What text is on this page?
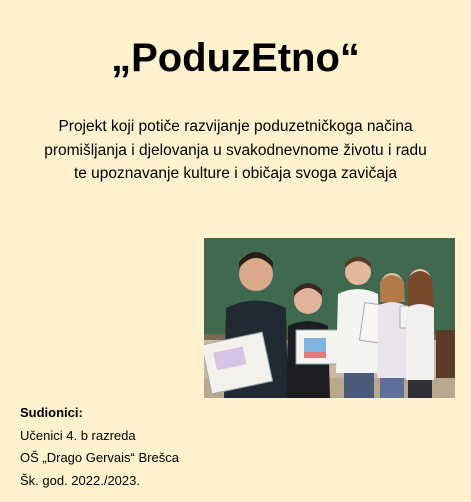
„PoduzEtno“
Projekt koji potiče razvijanje poduzetničkoga načina
promišljanja i djelovanja u svakodnevnome životu i radu
te upoznavanje kulture i običaja svoga zavičaja
Sudionici:
Učenici 4. b razreda
OŠ „Drago Gervais“ Brešca
Šk. god. 2022./2023.
